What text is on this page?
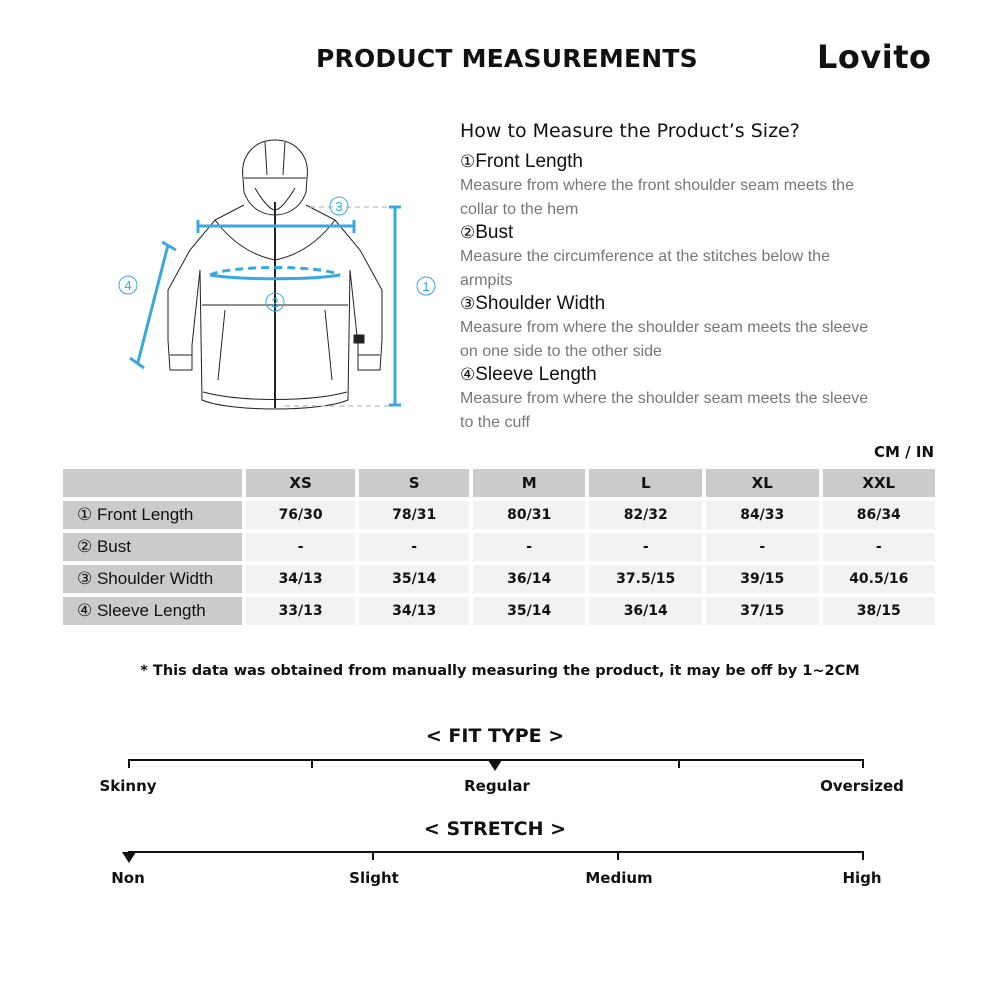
PRODUCT MEASUREMENTS	Lovito
2
3
1
4
How to Measure the Product’s Size?
①Front Length
Measure from where the front shoulder seam meets the
collar to the hem
②Bust
Measure the circumference at the stitches below the
armpits
③Shoulder Width
Measure from where the shoulder seam meets the sleeve
on one side to the other side
④Sleeve Length
Measure from where the shoulder seam meets the sleeve
to the cuff
CM / IN
XS	S	M	L	XL	XXL
① Front Length	76/30	78/31	80/31	82/32	84/33	86/34
② Bust	-	-	-	-	-	-
③ Shoulder Width	34/13	35/14	36/14	37.5/15	39/15	40.5/16
④ Sleeve Length	33/13	34/13	35/14	36/14	37/15	38/15
* This data was obtained from manually measuring the product, it may be off by 1~2CM
< FIT TYPE >
Skinny	Regular	Oversized
< STRETCH >
Non	Slight	Medium	High
